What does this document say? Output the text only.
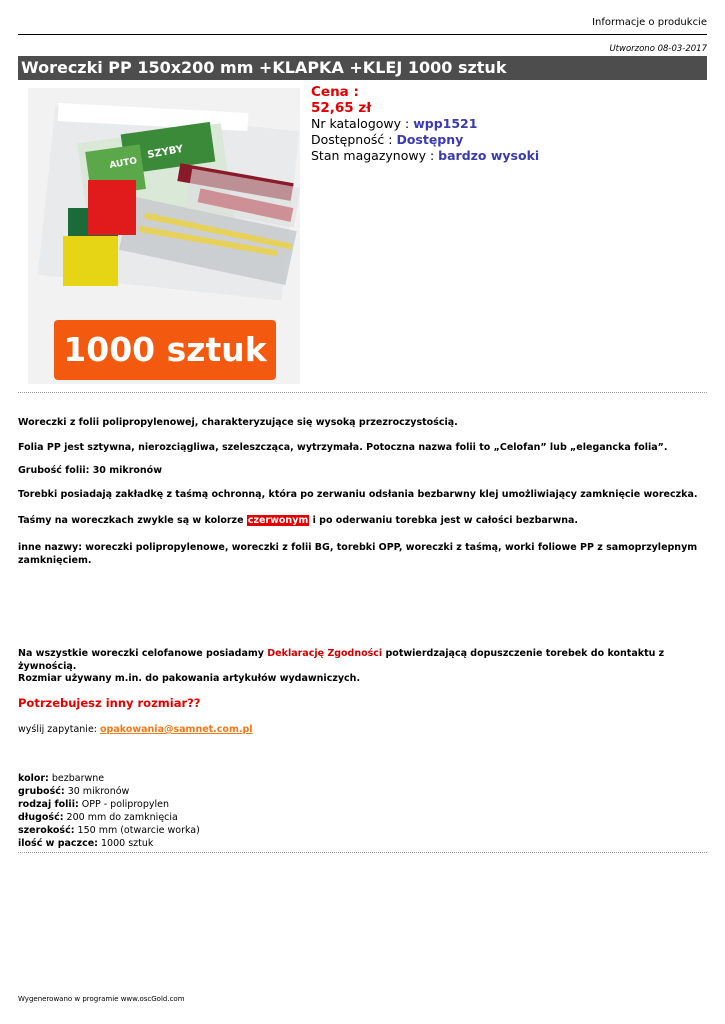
Informacje o produkcie
Utworzono 08-03-2017
Woreczki PP 150x200 mm +KLAPKA +KLEJ 1000 sztuk
AUTO
SZYBY
1000 sztuk
Cena :
52,65 zł
Nr katalogowy : wpp1521
Dostępność : Dostępny
Stan magazynowy : bardzo wysoki
Woreczki z folii polipropylenowej, charakteryzujące się wysoką przezroczystością.
Folia PP jest sztywna, nierozciągliwa, szeleszcząca, wytrzymała. Potoczna nazwa folii to „Celofan” lub „elegancka folia”.
Grubość folii: 30 mikronów
Torebki posiadają zakładkę z taśmą ochronną, która po zerwaniu odsłania bezbarwny klej umożliwiający zamknięcie woreczka.
Taśmy na woreczkach zwykle są w kolorze czerwonym i po oderwaniu torebka jest w całości bezbarwna.
inne nazwy: woreczki polipropylenowe, woreczki z folii BG, torebki OPP, woreczki z taśmą, worki foliowe PP z samoprzylepnym zamknięciem.
Na wszystkie woreczki celofanowe posiadamy Deklarację Zgodności potwierdzającą dopuszczenie torebek do kontaktu z żywnością.
Rozmiar używany m.in. do pakowania artykułów wydawniczych.
Potrzebujesz inny rozmiar??
wyślij zapytanie: opakowania@samnet.com.pl
kolor: bezbarwne
grubość: 30 mikronów
rodzaj folii: OPP - polipropylen
długość: 200 mm do zamknięcia
szerokość: 150 mm (otwarcie worka)
ilość w paczce: 1000 sztuk
Wygenerowano w programie www.oscGold.com
